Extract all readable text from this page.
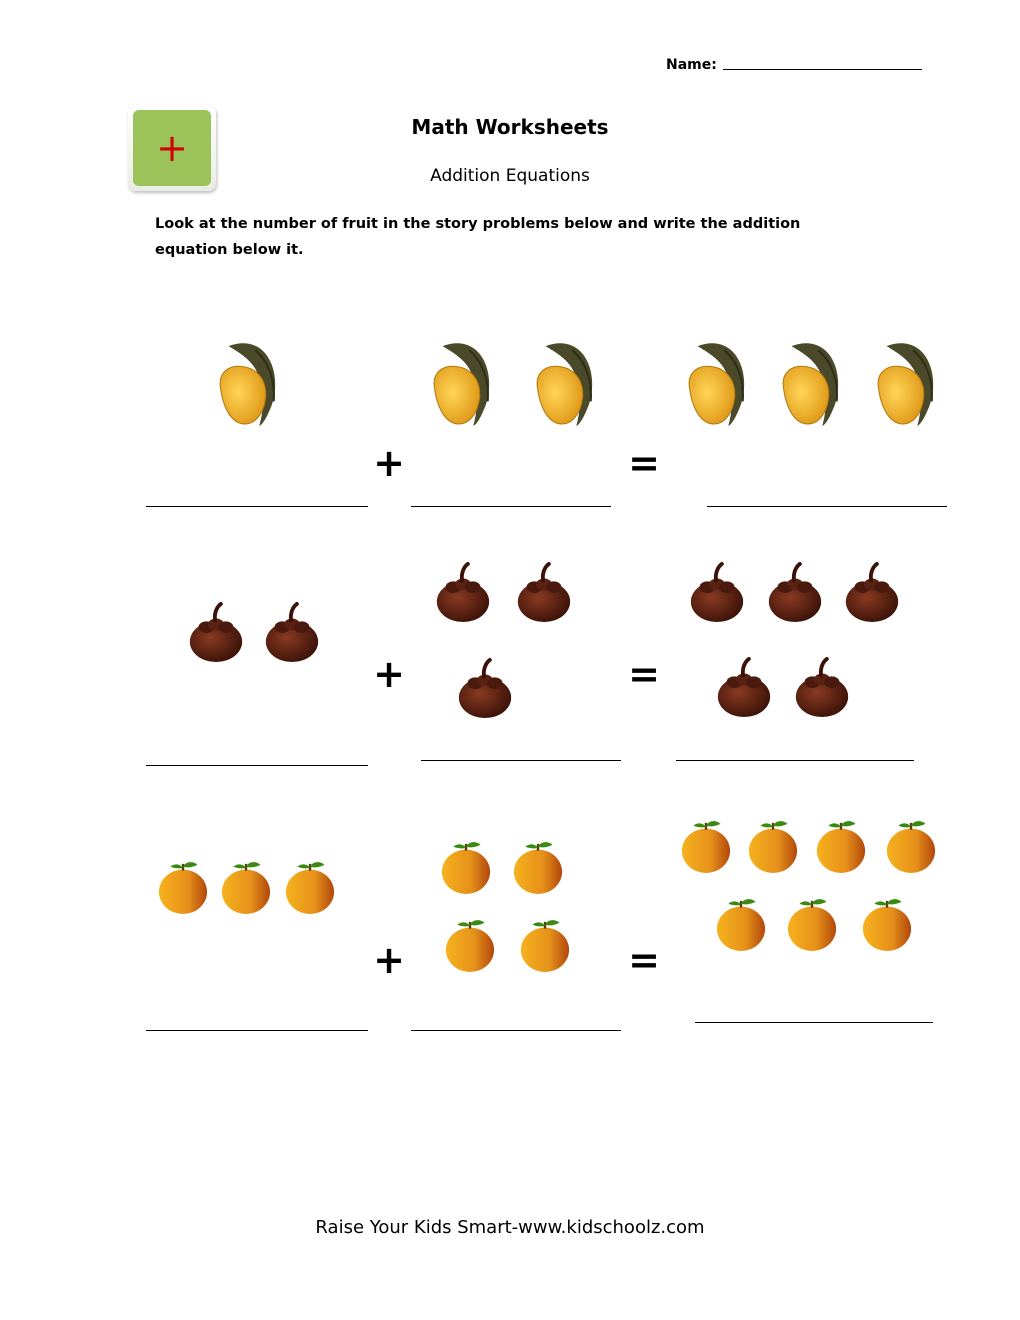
Name:
+	Math Worksheets
Addition Equations
Look at the number of fruit in the story problems below and write the addition equation below it.
+	=
+	=
+	=
Raise Your Kids Smart-www.kidschoolz.com
